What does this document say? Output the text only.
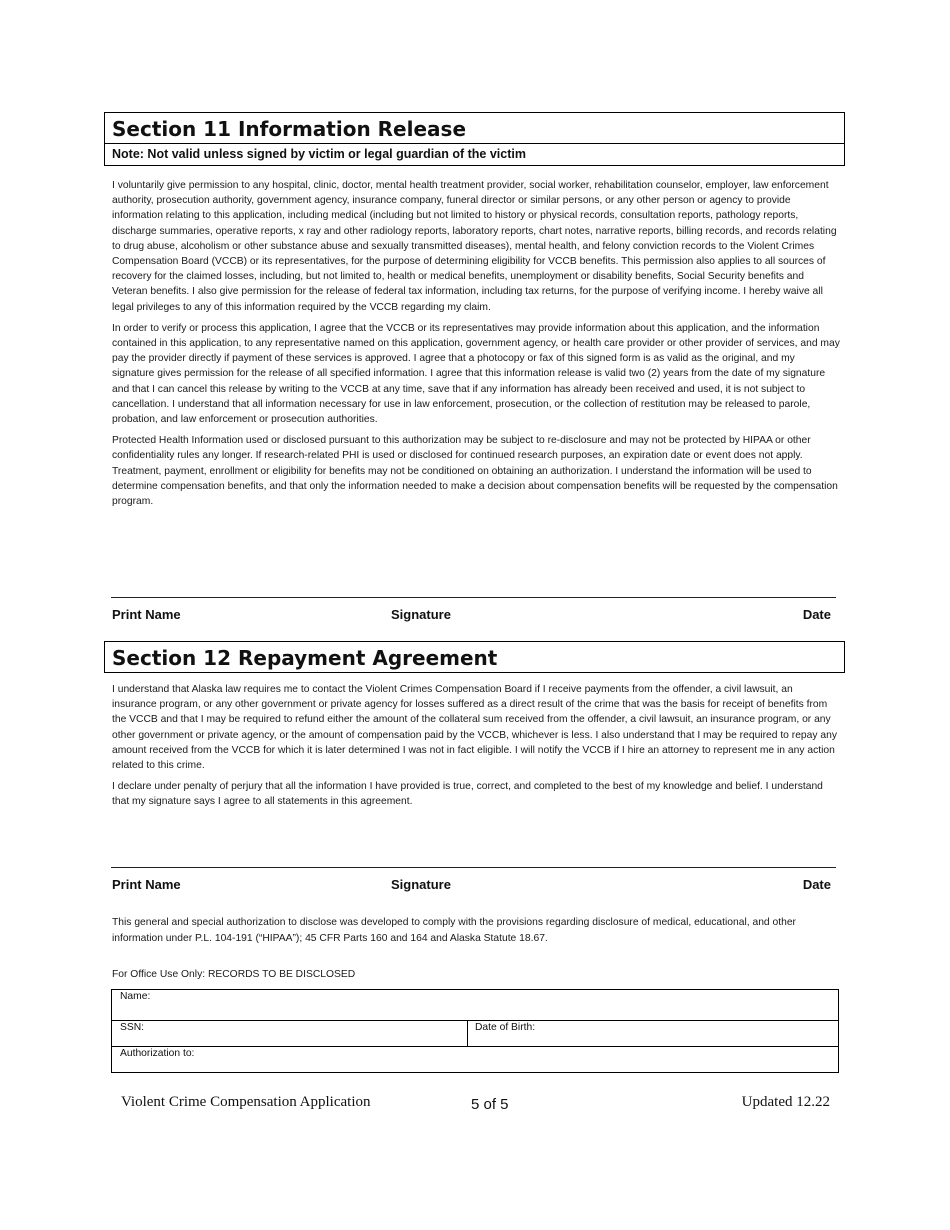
Section 11 Information Release
Note: Not valid unless signed by victim or legal guardian of the victim

I voluntarily give permission to any hospital, clinic, doctor, mental health treatment provider, social worker, rehabilitation counselor, employer, law enforcement authority, prosecution authority, government agency, insurance company, funeral director or similar persons, or any other person or agency to provide information relating to this application, including medical (including but not limited to history or physical records, consultation reports, pathology reports, discharge summaries, operative reports, x ray and other radiology reports, laboratory reports, chart notes, narrative reports, billing records, and records relating to drug abuse, alcoholism or other substance abuse and sexually transmitted diseases), mental health, and felony conviction records to the Violent Crimes Compensation Board (VCCB) or its representatives, for the purpose of determining eligibility for VCCB benefits. This permission also applies to all sources of recovery for the claimed losses, including, but not limited to, health or medical benefits, unemployment or disability benefits, Social Security benefits and Veteran benefits. I also give permission for the release of federal tax information, including tax returns, for the purpose of verifying income. I hereby waive all legal privileges to any of this information required by the VCCB regarding my claim.

In order to verify or process this application, I agree that the VCCB or its representatives may provide information about this application, and the information contained in this application, to any representative named on this application, government agency, or health care provider or other provider of services, and may pay the provider directly if payment of these services is approved. I agree that a photocopy or fax of this signed form is as valid as the original, and my signature gives permission for the release of all specified information. I agree that this information release is valid two (2) years from the date of my signature and that I can cancel this release by writing to the VCCB at any time, save that if any information has already been received and used, it is not subject to cancellation. I understand that all information necessary for use in law enforcement, prosecution, or the collection of restitution may be released to parole, probation, and law enforcement or prosecution authorities.

Protected Health Information used or disclosed pursuant to this authorization may be subject to re-disclosure and may not be protected by HIPAA or other confidentiality rules any longer. If research-related PHI is used or disclosed for continued research purposes, an expiration date or event does not apply. Treatment, payment, enrollment or eligibility for benefits may not be conditioned on obtaining an authorization. I understand the information will be used to determine compensation benefits, and that only the information needed to make a decision about compensation benefits will be requested by the compensation program.

Print Name	Signature	Date
Section 12 Repayment Agreement

I understand that Alaska law requires me to contact the Violent Crimes Compensation Board if I receive payments from the offender, a civil lawsuit, an insurance program, or any other government or private agency for losses suffered as a direct result of the crime that was the basis for receipt of benefits from the VCCB and that I may be required to refund either the amount of the collateral sum received from the offender, a civil lawsuit, an insurance program, or any other government or private agency, or the amount of compensation paid by the VCCB, whichever is less. I also understand that I may be required to repay any amount received from the VCCB for which it is later determined I was not in fact eligible. I will notify the VCCB if I hire an attorney to represent me in any action related to this crime.

I declare under penalty of perjury that all the information I have provided is true, correct, and completed to the best of my knowledge and belief. I understand that my signature says I agree to all statements in this agreement.

Print Name	Signature	Date
This general and special authorization to disclose was developed to comply with the provisions regarding disclosure of medical, educational, and other information under P.L. 104-191 (“HIPAA”); 45 CFR Parts 160 and 164 and Alaska Statute 18.67.
For Office Use Only: RECORDS TO BE DISCLOSED
Name:
SSN:	Date of Birth:
Authorization to:
Violent Crime Compensation Application	5 of 5	Updated 12.22
